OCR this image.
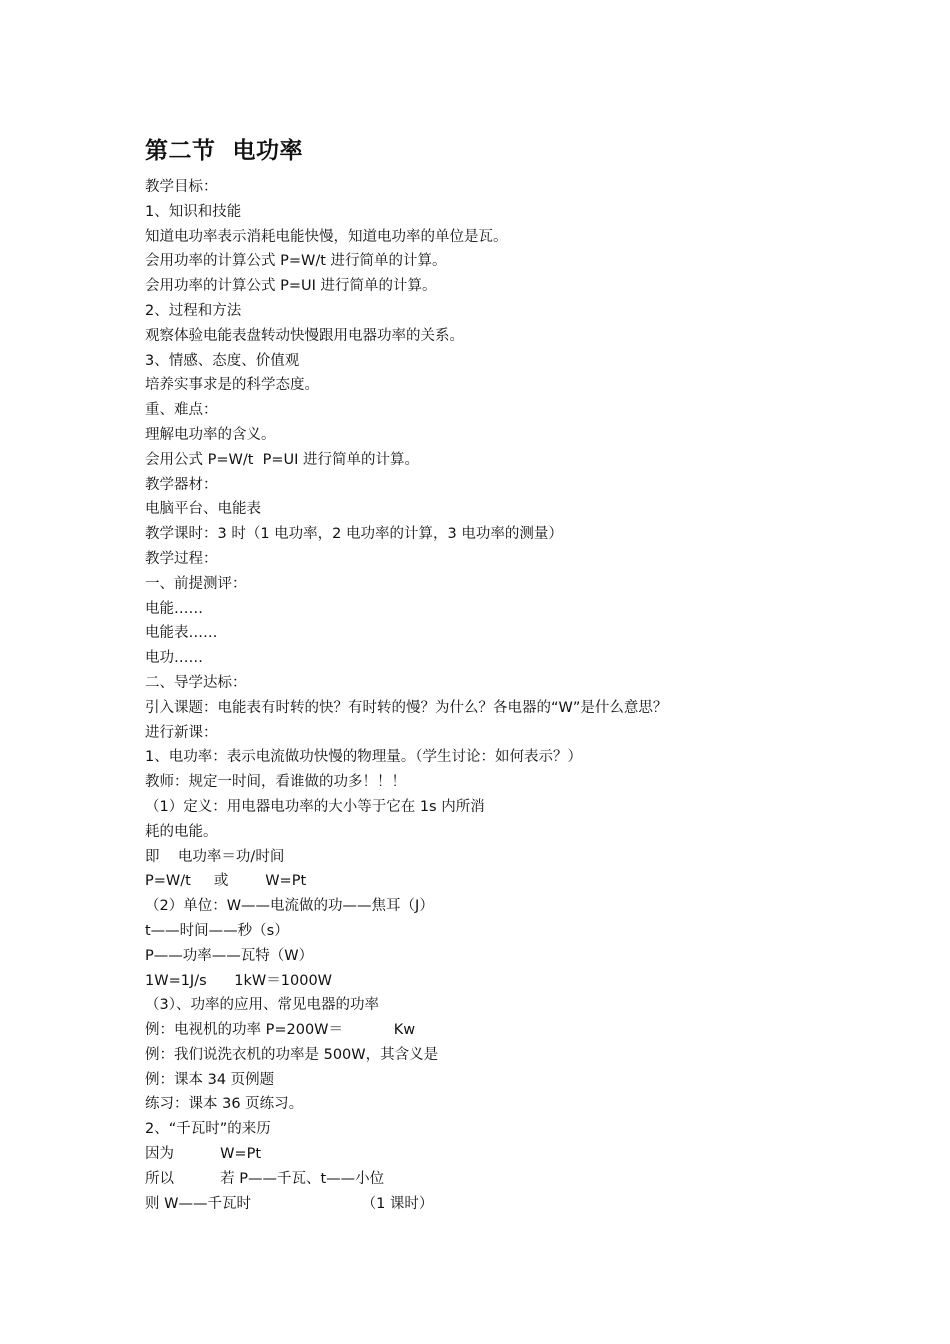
第二节  电功率
教学目标：
1、知识和技能
知道电功率表示消耗电能快慢，知道电功率的单位是瓦。
会用功率的计算公式 P=W/t 进行简单的计算。
会用功率的计算公式 P=UI 进行简单的计算。
2、过程和方法
观察体验电能表盘转动快慢跟用电器功率的关系。
3、情感、态度、价值观
培养实事求是的科学态度。
重、难点：
理解电功率的含义。
会用公式 P=W/t  P=UI 进行简单的计算。
教学器材：
电脑平台、电能表
教学课时：3 时（1 电功率，2 电功率的计算，3 电功率的测量）
教学过程：
一、前提测评：
电能……
电能表……
电功……
二、导学达标：
引入课题：电能表有时转的快？有时转的慢？为什么？各电器的“W”是什么意思？
进行新课：
1、电功率：表示电流做功快慢的物理量。（学生讨论：如何表示？）
教师：规定一时间，看谁做的功多！！！
（1）定义：用电器电功率的大小等于它在 1s 内所消
耗的电能。
即    电功率＝功/时间
P=W/t     或        W=Pt
（2）单位：W——电流做的功——焦耳（J）
t——时间——秒（s）
P——功率——瓦特（W）
1W=1J/s      1kW＝1000W
（3）、功率的应用、常见电器的功率
例：电视机的功率 P=200W＝           Kw
例：我们说洗衣机的功率是 500W，其含义是
例：课本 34 页例题
练习：课本 36 页练习。
2、“千瓦时”的来历
因为          W=Pt
所以          若 P——千瓦、t——小位
则 W——千瓦时                        （1 课时）
